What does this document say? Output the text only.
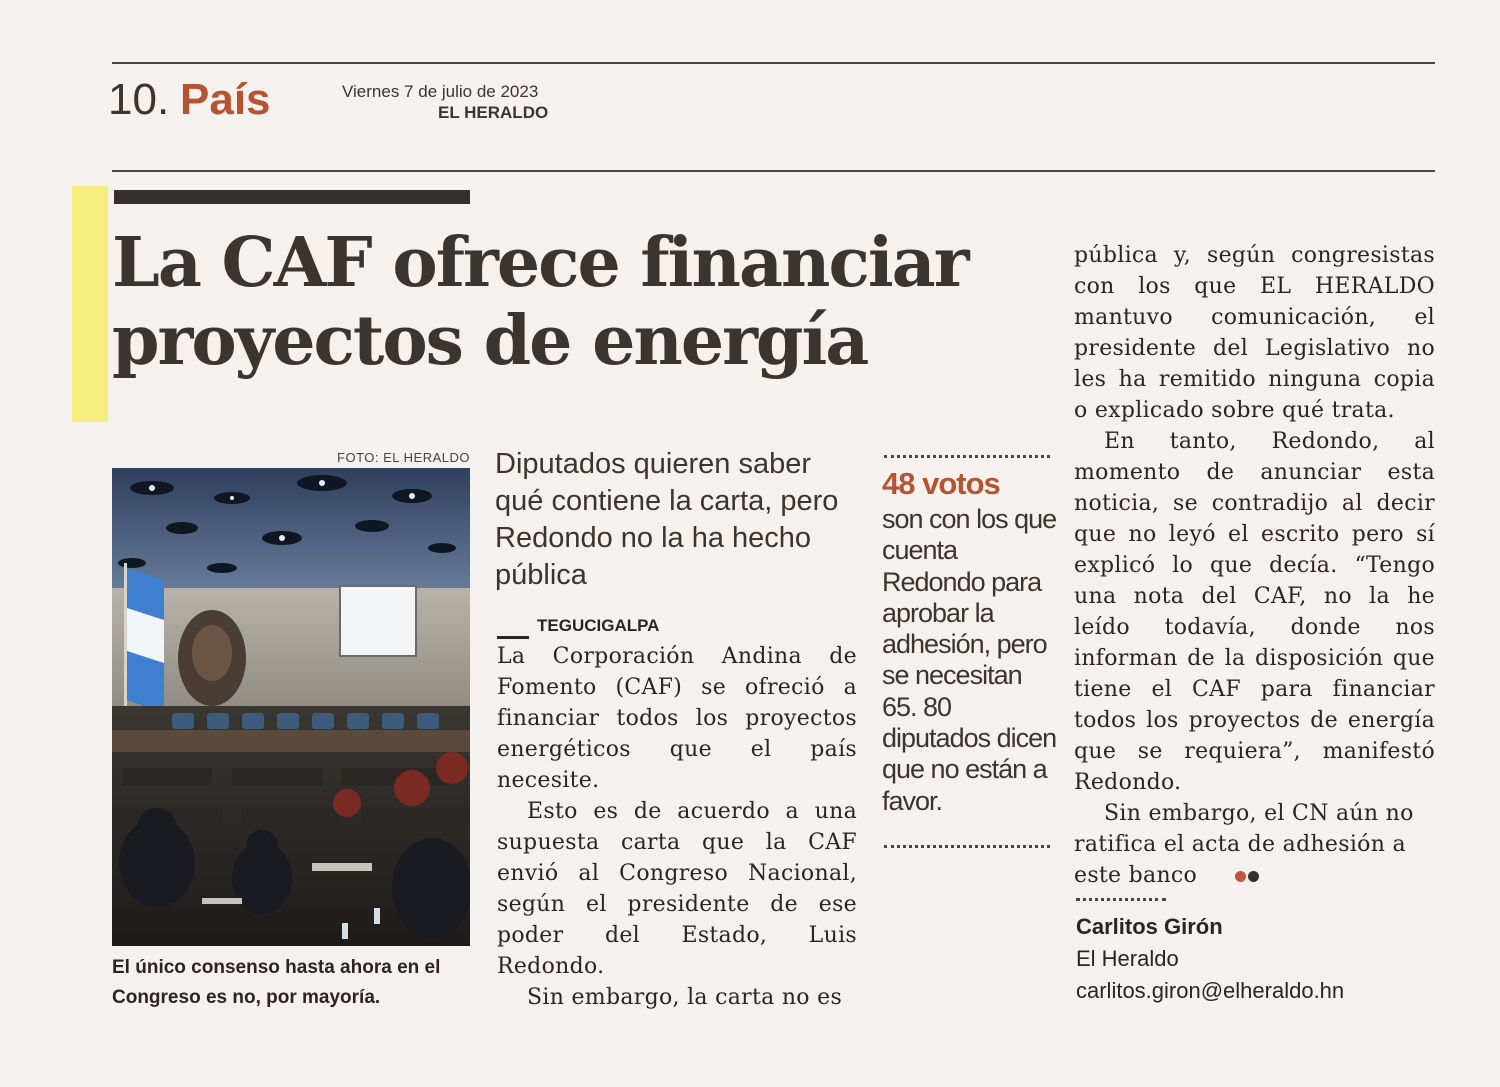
10. País	Viernes 7 de julio de 2023
EL HERALDO
La CAF ofrece financiar
proyectos de energía
FOTO: EL HERALDO
El único consenso hasta ahora en el Congreso es no, por mayoría.
Diputados quieren saber qué contiene la carta, pero Redondo no la ha hecho pública
TEGUCIGALPA

La Corporación Andina de Fomento (CAF) se ofreció a financiar todos los proyectos energéticos que el país necesite.

Esto es de acuerdo a una supuesta carta que la CAF envió al Congreso Nacional, según el presidente de ese poder del Estado, Luis Redondo.

Sin embargo, la carta no es

48 votos
son con los que cuenta Redondo para aprobar la adhesión, pero se necesitan 65. 80 diputados dicen que no están a favor.

pública y, según congresistas con los que EL HERALDO mantuvo comunicación, el presidente del Legislativo no les ha remitido ninguna copia o explicado sobre qué trata.

En tanto, Redondo, al momento de anunciar esta noticia, se contradijo al decir que no leyó el escrito pero sí explicó lo que decía. “Tengo una nota del CAF, no la he leído todavía, donde nos informan de la disposición que tiene el CAF para financiar todos los proyectos de energía que se requiera”, manifestó Redondo.

Sin embargo, el CN aún no ratifica el acta de adhesión a este banco

Carlitos Girón
El Heraldo
carlitos.giron@elheraldo.hn
